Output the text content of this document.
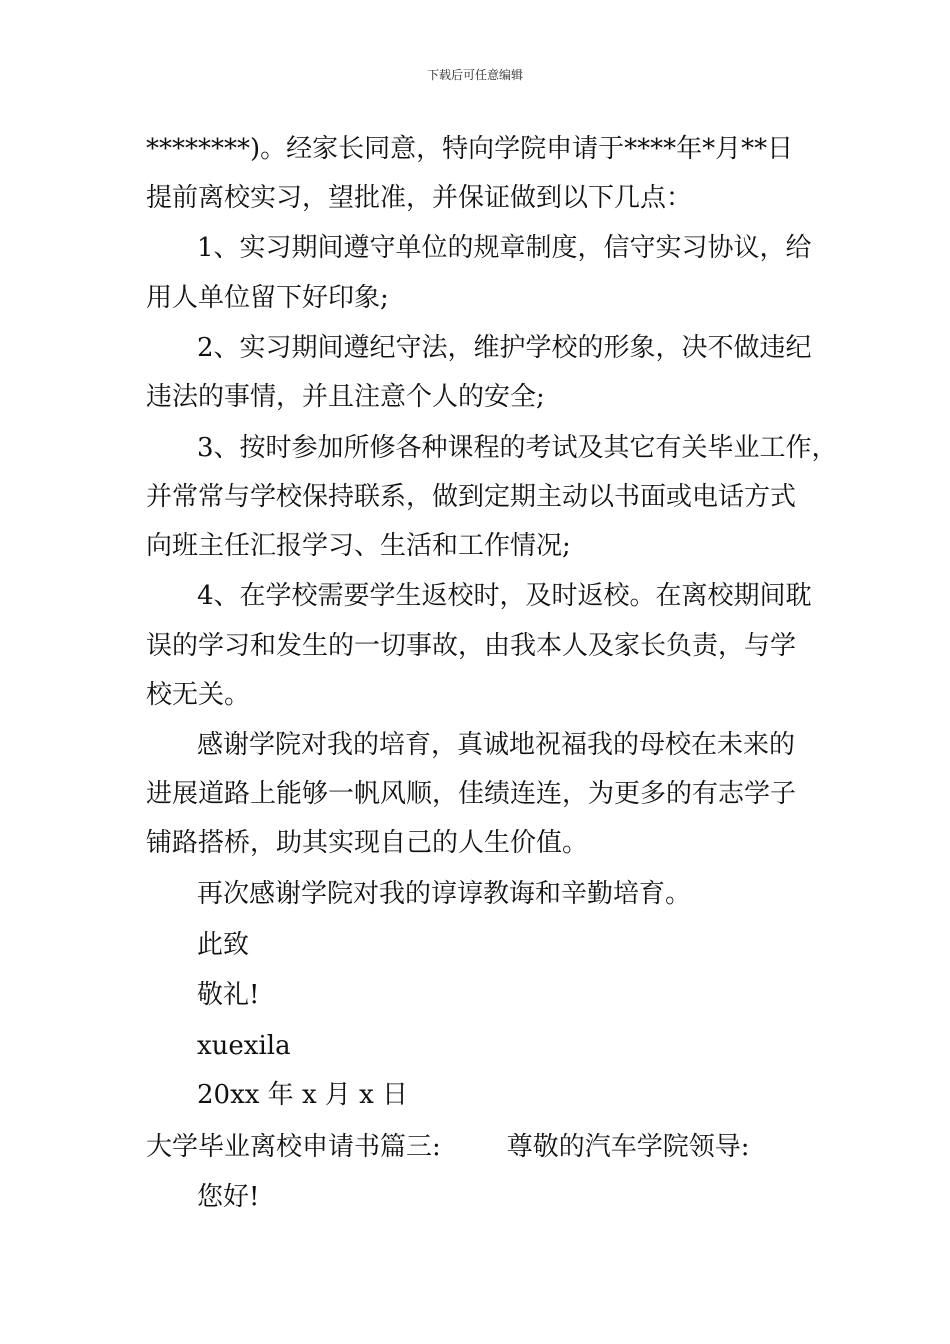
下载后可任意编辑
********)。经家长同意，特向学院申请于****年*月**日
提前离校实习，望批准，并保证做到以下几点：
1、实习期间遵守单位的规章制度，信守实习协议，给
用人单位留下好印象;
2、实习期间遵纪守法，维护学校的形象，决不做违纪
违法的事情，并且注意个人的安全;
3、按时参加所修各种课程的考试及其它有关毕业工作，
并常常与学校保持联系，做到定期主动以书面或电话方式
向班主任汇报学习、生活和工作情况;
4、在学校需要学生返校时，及时返校。在离校期间耽
误的学习和发生的一切事故，由我本人及家长负责，与学
校无关。
感谢学院对我的培育，真诚地祝福我的母校在未来的
进展道路上能够一帆风顺，佳绩连连，为更多的有志学子
铺路搭桥，助其实现自己的人生价值。
再次感谢学院对我的谆谆教诲和辛勤培育。
此致
敬礼!
xuexila
20xx 年 x 月 x 日
大学毕业离校申请书篇三:	尊敬的汽车学院领导:
您好!
